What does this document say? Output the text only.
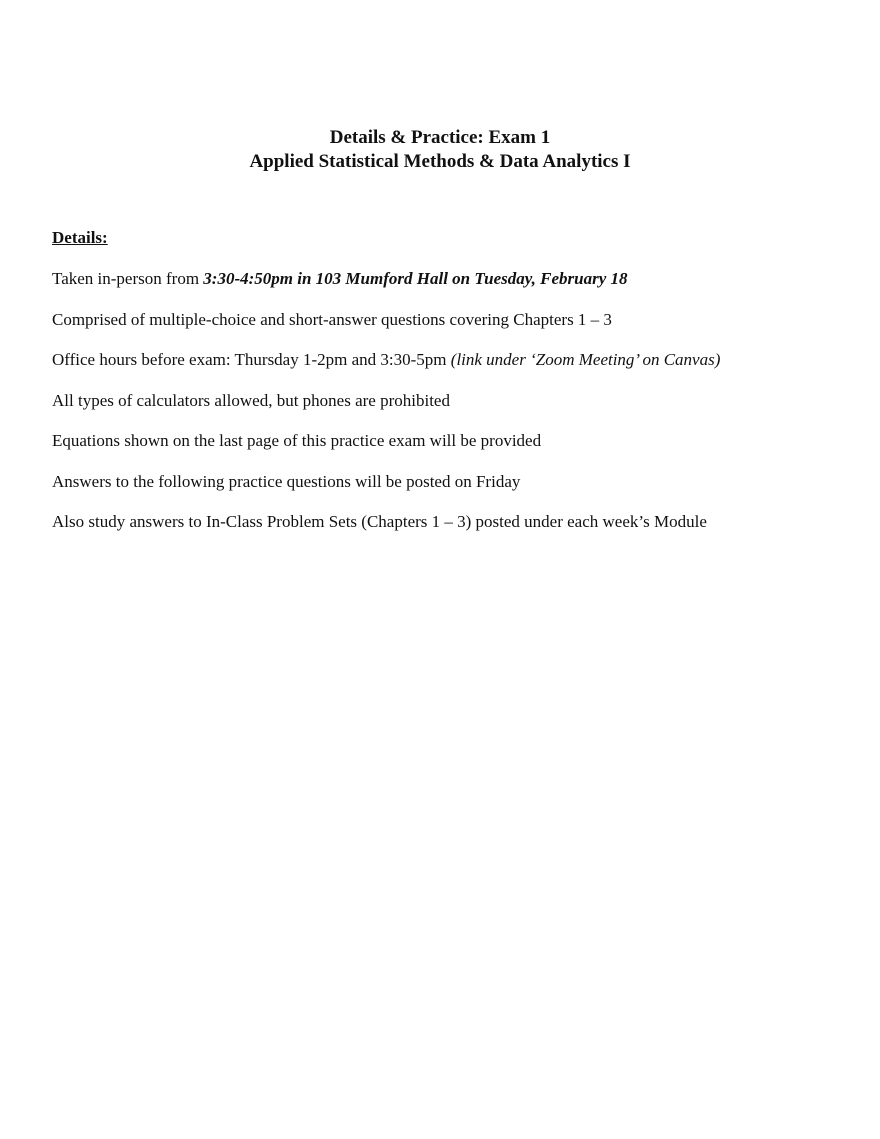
Details & Practice: Exam 1
Applied Statistical Methods & Data Analytics I
Details:
Taken in-person from 3:30-4:50pm in 103 Mumford Hall on Tuesday, February 18
Comprised of multiple-choice and short-answer questions covering Chapters 1 – 3
Office hours before exam: Thursday 1-2pm and 3:30-5pm (link under ‘Zoom Meeting’ on Canvas)
All types of calculators allowed, but phones are prohibited
Equations shown on the last page of this practice exam will be provided
Answers to the following practice questions will be posted on Friday
Also study answers to In-Class Problem Sets (Chapters 1 – 3) posted under each week’s Module
